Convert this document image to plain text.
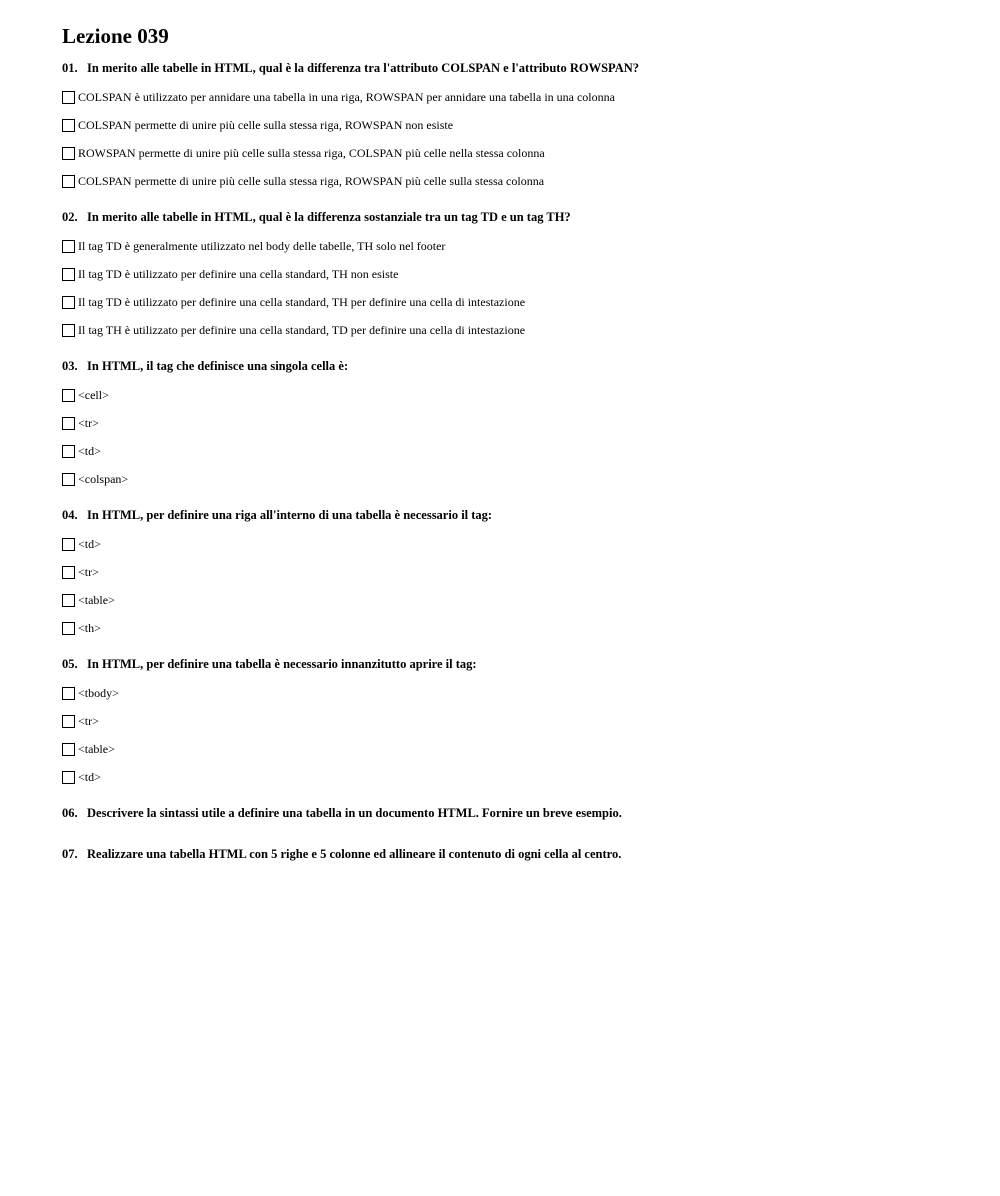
Lezione 039
01. In merito alle tabelle in HTML, qual è la differenza tra l'attributo COLSPAN e l'attributo ROWSPAN?
COLSPAN è utilizzato per annidare una tabella in una riga, ROWSPAN per annidare una tabella in una colonna
COLSPAN permette di unire più celle sulla stessa riga, ROWSPAN non esiste
ROWSPAN permette di unire più celle sulla stessa riga, COLSPAN più celle nella stessa colonna
COLSPAN permette di unire più celle sulla stessa riga, ROWSPAN più celle sulla stessa colonna
02. In merito alle tabelle in HTML, qual è la differenza sostanziale tra un tag TD e un tag TH?
Il tag TD è generalmente utilizzato nel body delle tabelle, TH solo nel footer
Il tag TD è utilizzato per definire una cella standard, TH non esiste
Il tag TD è utilizzato per definire una cella standard, TH per definire una cella di intestazione
Il tag TH è utilizzato per definire una cella standard, TD per definire una cella di intestazione
03. In HTML, il tag che definisce una singola cella è:
<cell>
<tr>
<td>
<colspan>
04. In HTML, per definire una riga all'interno di una tabella è necessario il tag:
<td>
<tr>
<table>
<th>
05. In HTML, per definire una tabella è necessario innanzitutto aprire il tag:
<tbody>
<tr>
<table>
<td>
06. Descrivere la sintassi utile a definire una tabella in un documento HTML. Fornire un breve esempio.
07. Realizzare una tabella HTML con 5 righe e 5 colonne ed allineare il contenuto di ogni cella al centro.
